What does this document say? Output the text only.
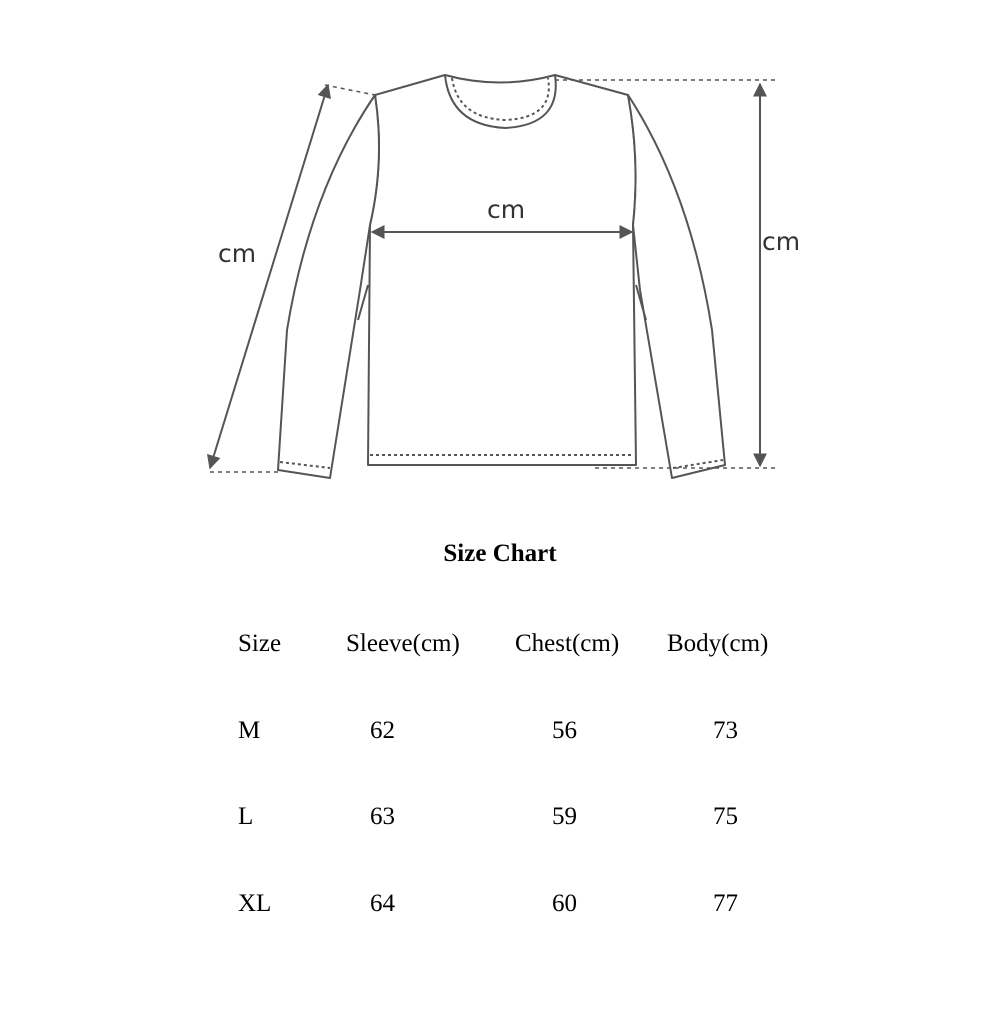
cm
cm
cm
Size Chart
Size	Sleeve(cm) Chest(cm) Body(cm)
M	62	56	73
L	63	59	75
XL	64	60	77
